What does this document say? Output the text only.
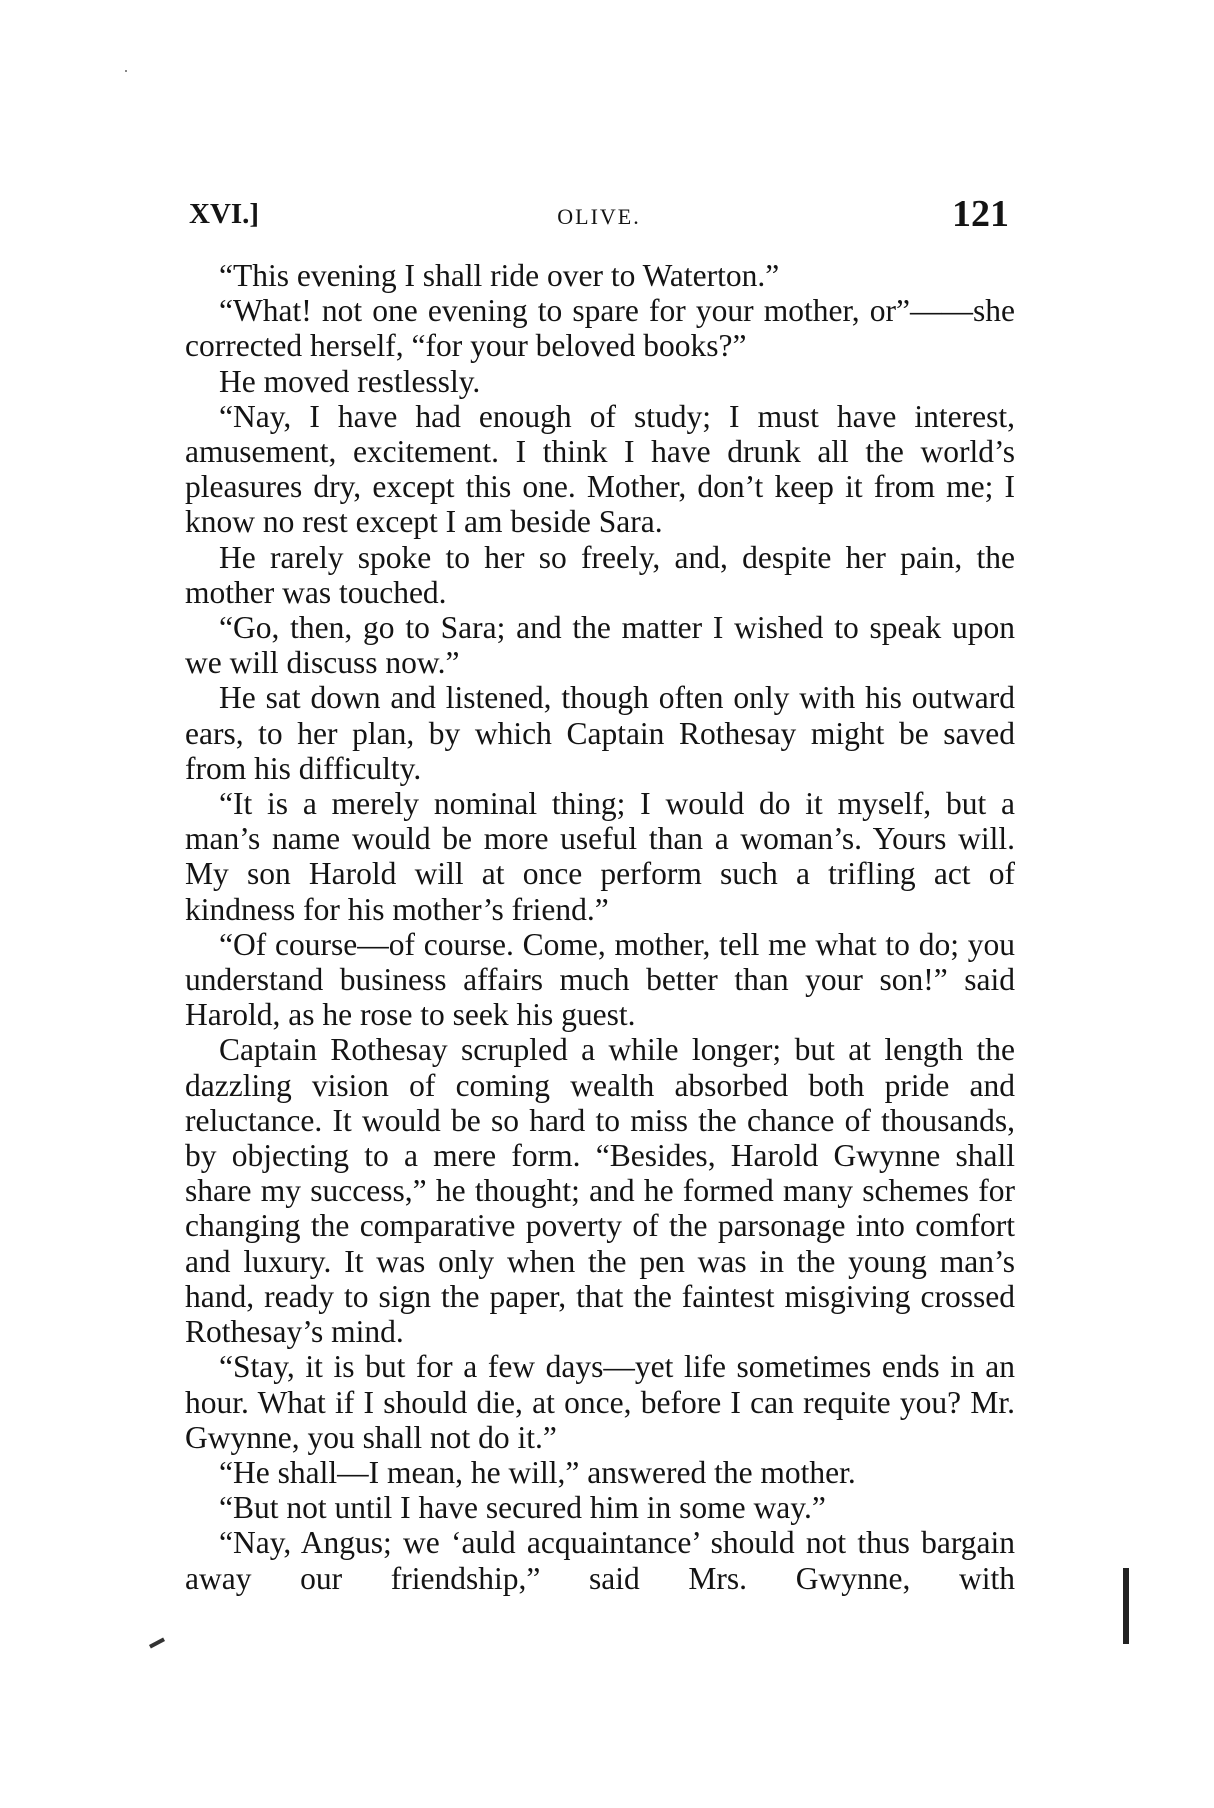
XVI.]	OLIVE.	121

“This evening I shall ride over to Waterton.”

“What! not one evening to spare for your mother, or”——she corrected herself, “for your beloved books?”

He moved restlessly.

“Nay, I have had enough of study; I must have interest, amusement, excitement. I think I have drunk all the world’s pleasures dry, except this one. Mother, don’t keep it from me; I know no rest except I am beside Sara.

He rarely spoke to her so freely, and, despite her pain, the mother was touched.

“Go, then, go to Sara; and the matter I wished to speak upon we will discuss now.”

He sat down and listened, though often only with his outward ears, to her plan, by which Captain Rothesay might be saved from his difficulty.

“It is a merely nominal thing; I would do it myself, but a man’s name would be more useful than a woman’s. Yours will. My son Harold will at once perform such a trifling act of kindness for his mother’s friend.”

“Of course—of course. Come, mother, tell me what to do; you understand business affairs much better than your son!” said Harold, as he rose to seek his guest.

Captain Rothesay scrupled a while longer; but at length the dazzling vision of coming wealth absorbed both pride and reluctance. It would be so hard to miss the chance of thousands, by objecting to a mere form. “Besides, Harold Gwynne shall share my success,” he thought; and he formed many schemes for changing the comparative poverty of the parsonage into comfort and luxury. It was only when the pen was in the young man’s hand, ready to sign the paper, that the faintest misgiving crossed Rothesay’s mind.

“Stay, it is but for a few days—yet life sometimes ends in an hour. What if I should die, at once, before I can requite you? Mr. Gwynne, you shall not do it.”

“He shall—I mean, he will,” answered the mother.

“But not until I have secured him in some way.”

“Nay, Angus; we ‘auld acquaintance’ should not thus bargain away our friendship,” said Mrs. Gwynne, with
